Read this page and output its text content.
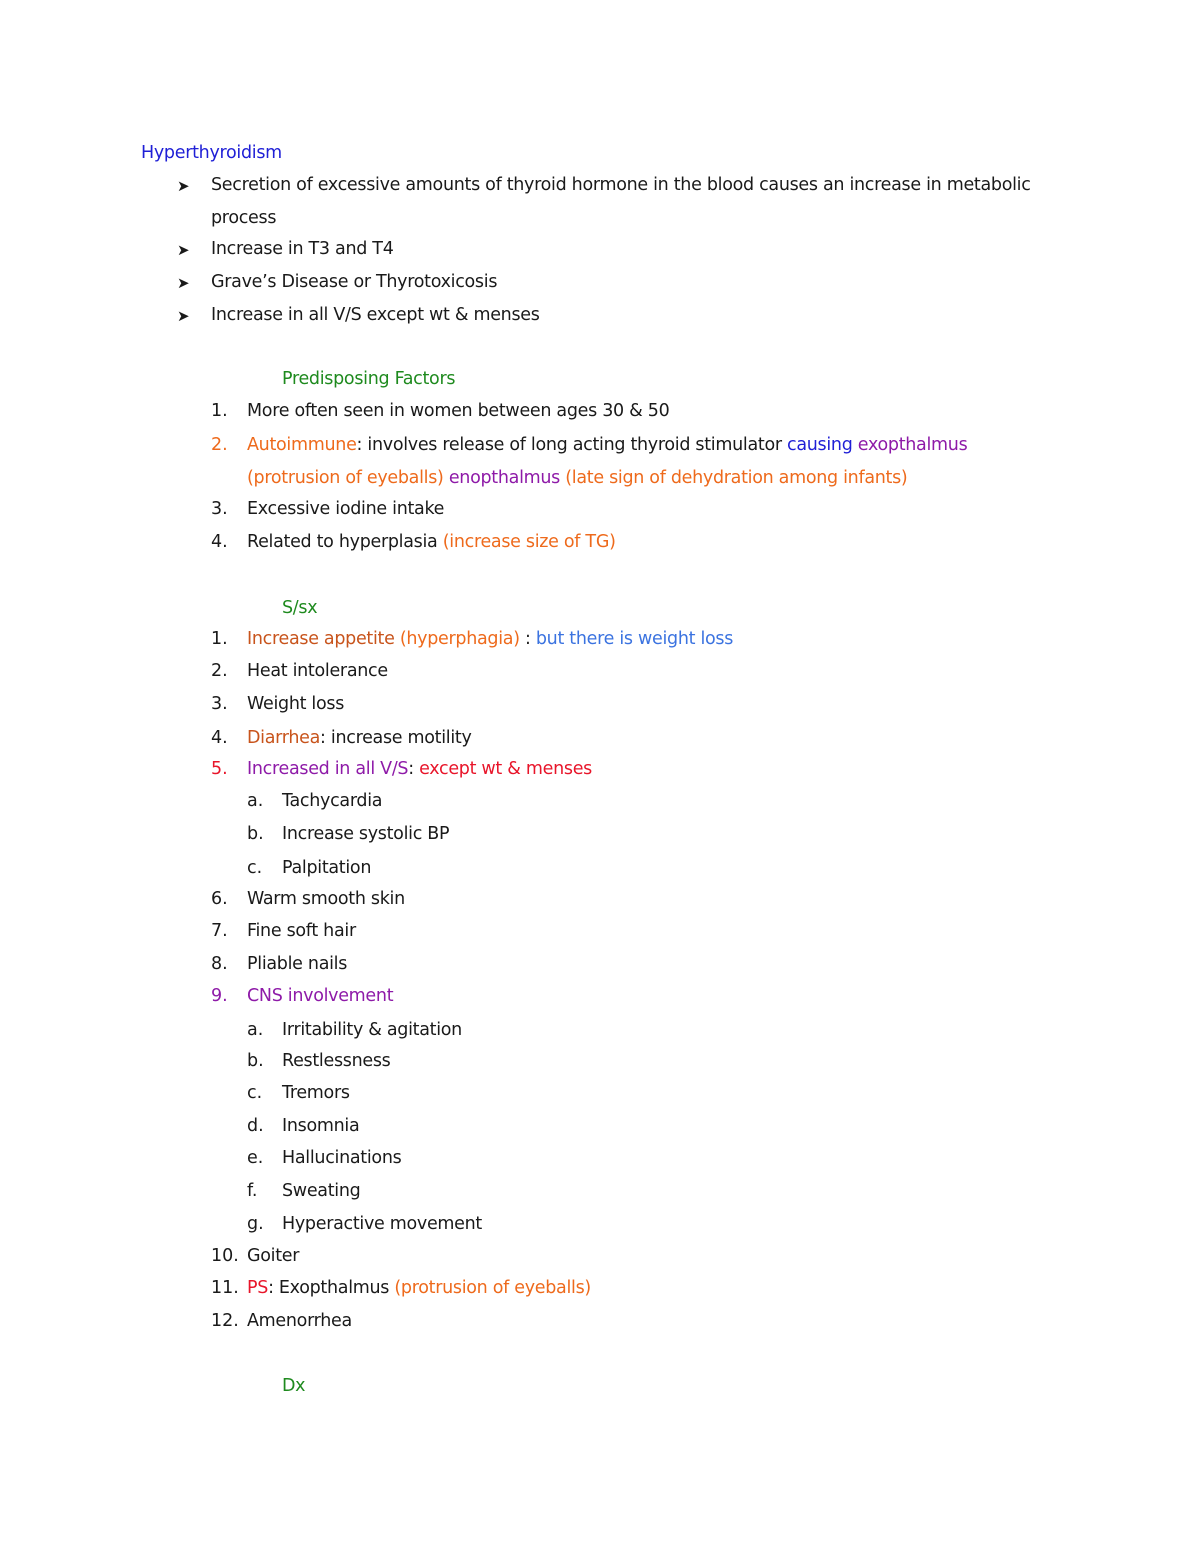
Hyperthyroidism
➤ Secretion of excessive amounts of thyroid hormone in the blood causes an increase in metabolic
process
➤ Increase in T3 and T4
➤ Grave’s Disease or Thyrotoxicosis
➤ Increase in all V/S except wt & menses
Predisposing Factors
1. More often seen in women between ages 30 & 50
2. Autoimmune: involves release of long acting thyroid stimulator causing exopthalmus
(protrusion of eyeballs) enopthalmus (late sign of dehydration among infants)
3. Excessive iodine intake
4. Related to hyperplasia (increase size of TG)
S/sx
1. Increase appetite (hyperphagia) : but there is weight loss
2. Heat intolerance
3. Weight loss
4. Diarrhea: increase motility
5. Increased in all V/S: except wt & menses
a. Tachycardia
b. Increase systolic BP
c. Palpitation
6. Warm smooth skin
7. Fine soft hair
8. Pliable nails
9. CNS involvement
a. Irritability & agitation
b. Restlessness
c. Tremors
d. Insomnia
e. Hallucinations
f. Sweating
g. Hyperactive movement
10. Goiter
11. PS: Exopthalmus (protrusion of eyeballs)
12. Amenorrhea
Dx
